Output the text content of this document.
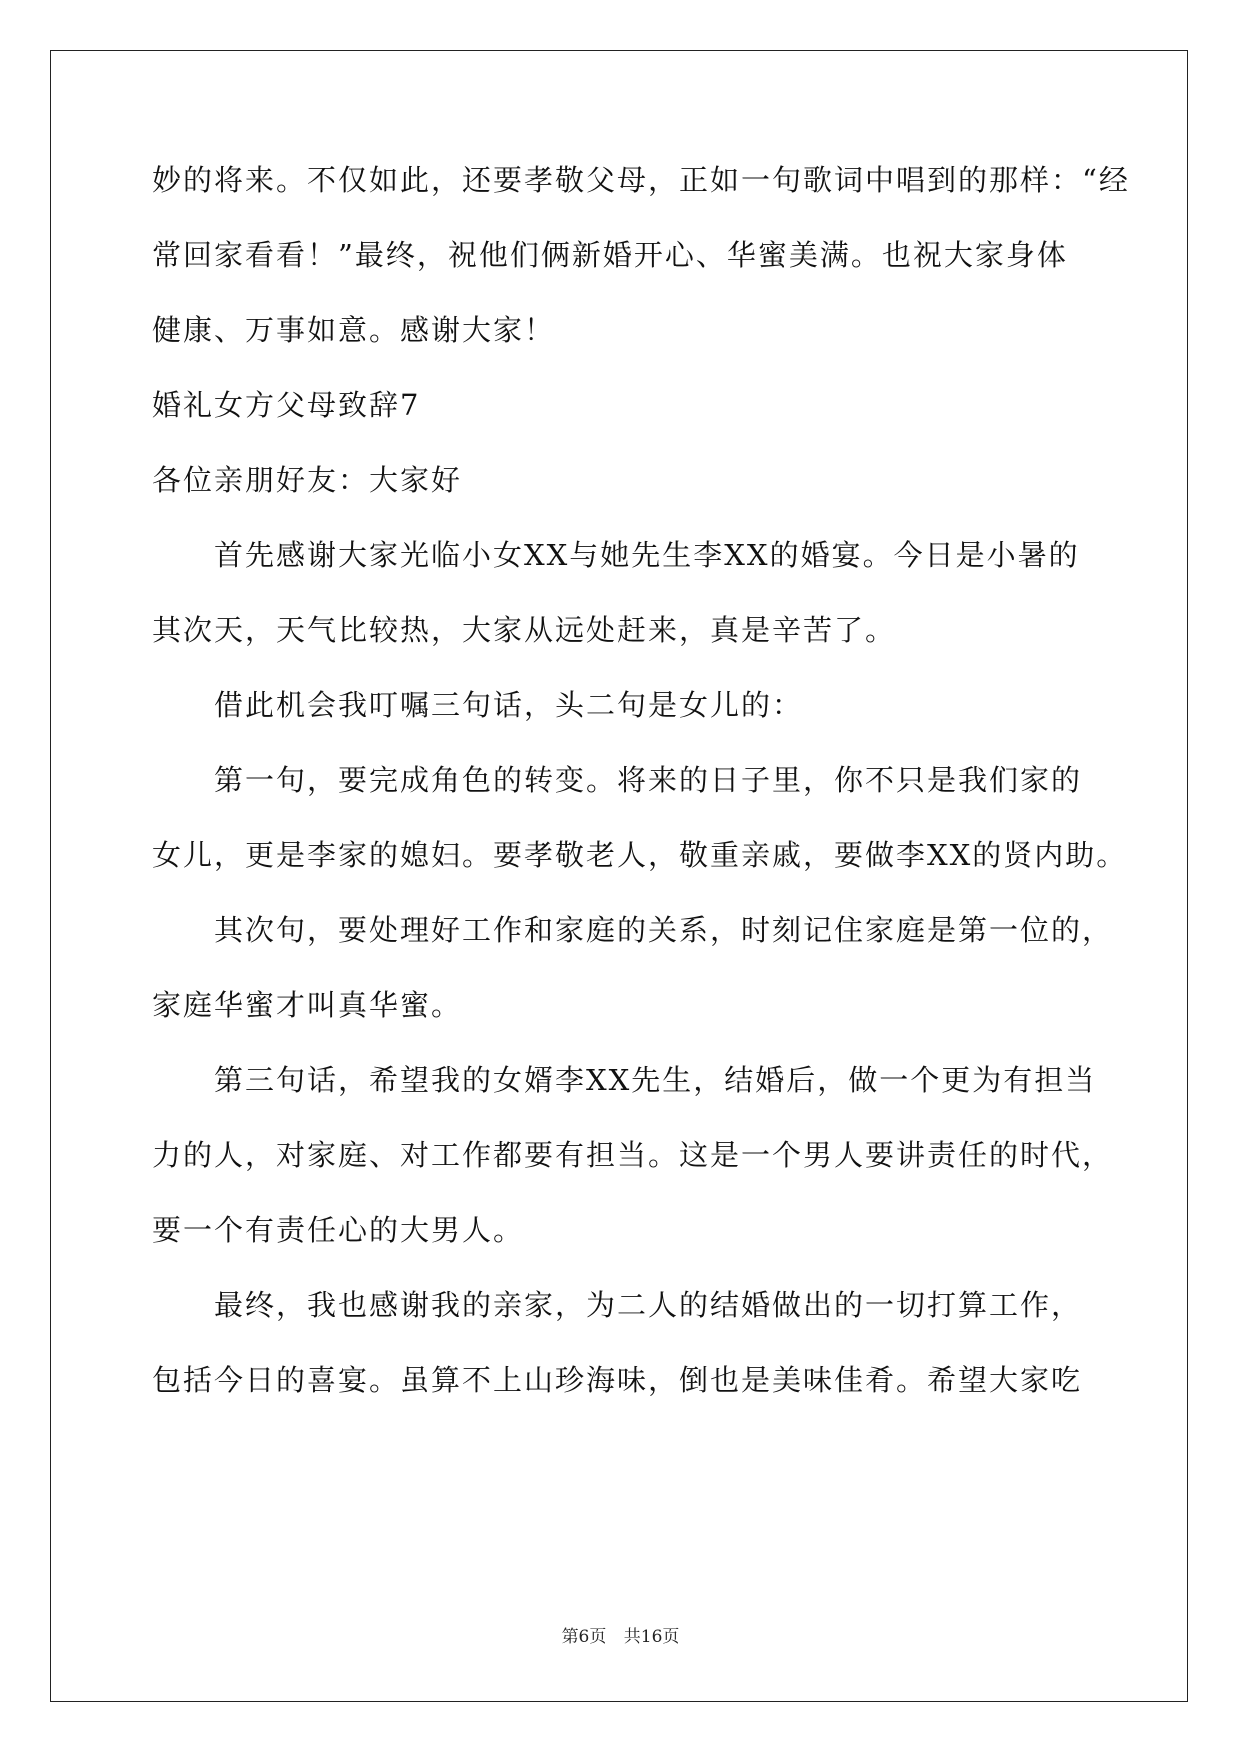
妙的将来。不仅如此，还要孝敬父母，正如一句歌词中唱到的那样：“经
常回家看看！”最终，祝他们俩新婚开心、华蜜美满。也祝大家身体
健康、万事如意。感谢大家！
婚礼女方父母致辞7
各位亲朋好友：大家好
首先感谢大家光临小女XX与她先生李XX的婚宴。今日是小暑的
其次天，天气比较热，大家从远处赶来，真是辛苦了。
借此机会我叮嘱三句话，头二句是女儿的：
第一句，要完成角色的转变。将来的日子里，你不只是我们家的
女儿，更是李家的媳妇。要孝敬老人，敬重亲戚，要做李XX的贤内助。
其次句，要处理好工作和家庭的关系，时刻记住家庭是第一位的，
家庭华蜜才叫真华蜜。
第三句话，希望我的女婿李XX先生，结婚后，做一个更为有担当
力的人，对家庭、对工作都要有担当。这是一个男人要讲责任的时代，
要一个有责任心的大男人。
最终，我也感谢我的亲家，为二人的结婚做出的一切打算工作，
包括今日的喜宴。虽算不上山珍海味，倒也是美味佳肴。希望大家吃
第6页 共16页
